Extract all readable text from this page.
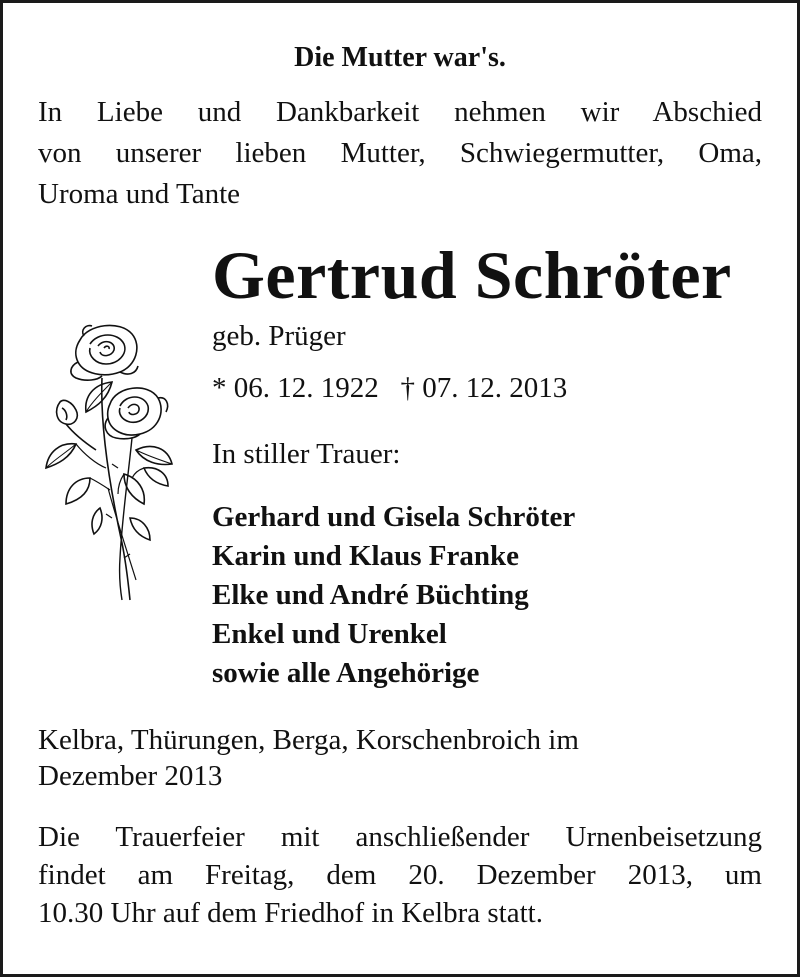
Die Mutter war's.
In Liebe und Dankbarkeit nehmen wir Abschied
von unserer lieben Mutter, Schwiegermutter, Oma,
Uroma und Tante
Gertrud Schröter
geb. Prüger
* 06. 12. 1922 † 07. 12. 2013
In stiller Trauer:
Gerhard und Gisela Schröter
Karin und Klaus Franke
Elke und André Büchting
Enkel und Urenkel
sowie alle Angehörige
Kelbra, Thürungen, Berga, Korschenbroich im
Dezember 2013
Die Trauerfeier mit anschließender Urnenbeisetzung
findet am Freitag, dem 20. Dezember 2013, um
10.30 Uhr auf dem Friedhof in Kelbra statt.
